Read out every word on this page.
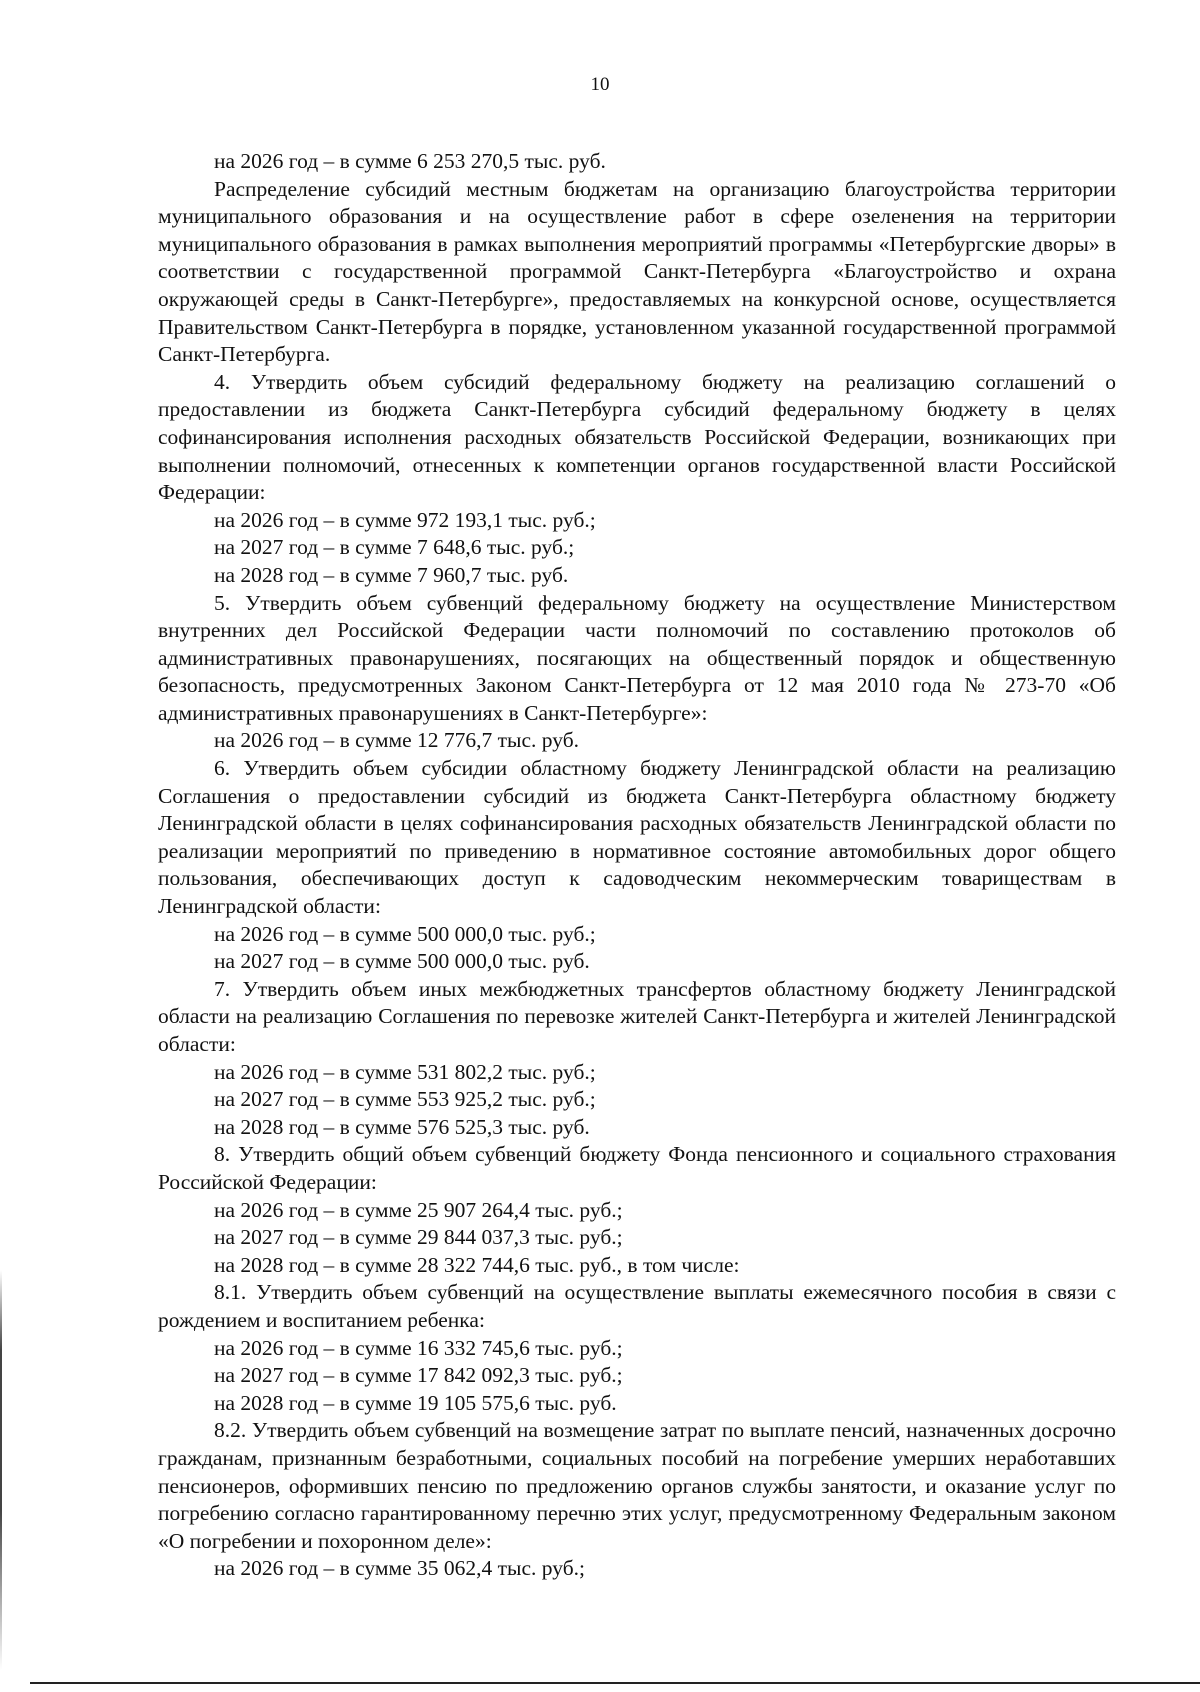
10

на 2026 год – в сумме 6 253 270,5 тыс. руб.

Распределение субсидий местным бюджетам на организацию благоустройства территории муниципального образования и на осуществление работ в сфере озеленения на территории муниципального образования в рамках выполнения мероприятий программы «Петербургские дворы» в соответствии с государственной программой Санкт-Петербурга «Благоустройство и охрана окружающей среды в Санкт-Петербурге», предоставляемых на конкурсной основе, осуществляется Правительством Санкт-Петербурга в порядке, установленном указанной государственной программой Санкт-Петербурга.

4. Утвердить объем субсидий федеральному бюджету на реализацию соглашений о предоставлении из бюджета Санкт-Петербурга субсидий федеральному бюджету в целях софинансирования исполнения расходных обязательств Российской Федерации, возникающих при выполнении полномочий, отнесенных к компетенции органов государственной власти Российской Федерации:

на 2026 год – в сумме 972 193,1 тыс. руб.;

на 2027 год – в сумме 7 648,6 тыс. руб.;

на 2028 год – в сумме 7 960,7 тыс. руб.

5. Утвердить объем субвенций федеральному бюджету на осуществление Министерством внутренних дел Российской Федерации части полномочий по составлению протоколов об административных правонарушениях, посягающих на общественный порядок и общественную безопасность, предусмотренных Законом Санкт-Петербурга от 12 мая 2010 года № 273-70 «Об административных правонарушениях в Санкт-Петербурге»:

на 2026 год – в сумме 12 776,7 тыс. руб.

6. Утвердить объем субсидии областному бюджету Ленинградской области на реализацию Соглашения о предоставлении субсидий из бюджета Санкт-Петербурга областному бюджету Ленинградской области в целях софинансирования расходных обязательств Ленинградской области по реализации мероприятий по приведению в нормативное состояние автомобильных дорог общего пользования, обеспечивающих доступ к садоводческим некоммерческим товариществам в Ленинградской области:

на 2026 год – в сумме 500 000,0 тыс. руб.;

на 2027 год – в сумме 500 000,0 тыс. руб.

7. Утвердить объем иных межбюджетных трансфертов областному бюджету Ленинградской области на реализацию Соглашения по перевозке жителей Санкт-Петербурга и жителей Ленинградской области:

на 2026 год – в сумме 531 802,2 тыс. руб.;

на 2027 год – в сумме 553 925,2 тыс. руб.;

на 2028 год – в сумме 576 525,3 тыс. руб.

8. Утвердить общий объем субвенций бюджету Фонда пенсионного и социального страхования Российской Федерации:

на 2026 год – в сумме 25 907 264,4 тыс. руб.;

на 2027 год – в сумме 29 844 037,3 тыс. руб.;

на 2028 год – в сумме 28 322 744,6 тыс. руб., в том числе:

8.1. Утвердить объем субвенций на осуществление выплаты ежемесячного пособия в связи с рождением и воспитанием ребенка:

на 2026 год – в сумме 16 332 745,6 тыс. руб.;

на 2027 год – в сумме 17 842 092,3 тыс. руб.;

на 2028 год – в сумме 19 105 575,6 тыс. руб.

8.2. Утвердить объем субвенций на возмещение затрат по выплате пенсий, назначенных досрочно гражданам, признанным безработными, социальных пособий на погребение умерших неработавших пенсионеров, оформивших пенсию по предложению органов службы занятости, и оказание услуг по погребению согласно гарантированному перечню этих услуг, предусмотренному Федеральным законом «О погребении и похоронном деле»:

на 2026 год – в сумме 35 062,4 тыс. руб.;
